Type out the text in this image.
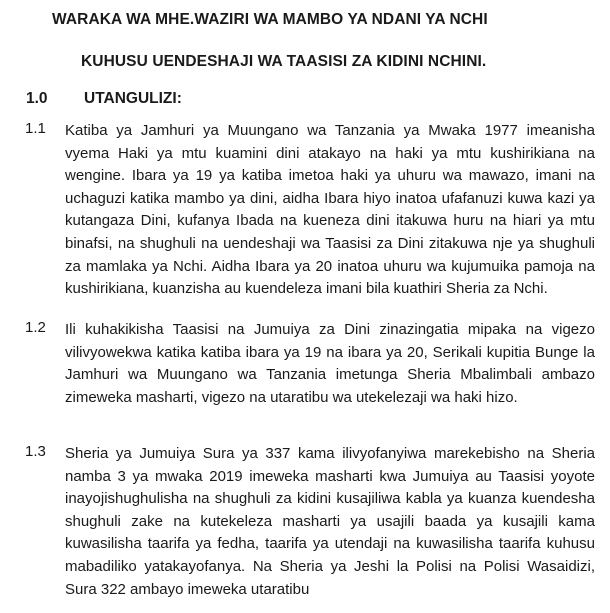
WARAKA WA MHE.WAZIRI WA MAMBO YA NDANI YA NCHI
KUHUSU UENDESHAJI WA TAASISI ZA KIDINI NCHINI.
1.0 UTANGULIZI:
1.1 Katiba ya Jamhuri ya Muungano wa Tanzania ya Mwaka 1977 imeanisha vyema Haki ya mtu kuamini dini atakayo na haki ya mtu kushirikiana na wengine. Ibara ya 19 ya katiba imetoa haki ya uhuru wa mawazo, imani na uchaguzi katika mambo ya dini, aidha Ibara hiyo inatoa ufafanuzi kuwa kazi ya kutangaza Dini, kufanya Ibada na kueneza dini itakuwa huru na hiari ya mtu binafsi, na shughuli na uendeshaji wa Taasisi za Dini zitakuwa nje ya shughuli za mamlaka ya Nchi. Aidha Ibara ya 20 inatoa uhuru wa kujumuika pamoja na kushirikiana, kuanzisha au kuendeleza imani bila kuathiri Sheria za Nchi.
1.2 Ili kuhakikisha Taasisi na Jumuiya za Dini zinazingatia mipaka na vigezo vilivyowekwa katika katiba ibara ya 19 na ibara ya 20, Serikali kupitia Bunge la Jamhuri wa Muungano wa Tanzania imetunga Sheria Mbalimbali ambazo zimeweka masharti, vigezo na utaratibu wa utekelezaji wa haki hizo.
1.3 Sheria ya Jumuiya Sura ya 337 kama ilivyofanyiwa marekebisho na Sheria namba 3 ya mwaka 2019 imeweka masharti kwa Jumuiya au Taasisi yoyote inayojishughulisha na shughuli za kidini kusajiliwa kabla ya kuanza kuendesha shughuli zake na kutekeleza masharti ya usajili baada ya kusajili kama kuwasilisha taarifa ya fedha, taarifa ya utendaji na kuwasilisha taarifa kuhusu mabadiliko yatakayofanya. Na Sheria ya Jeshi la Polisi na Polisi Wasaidizi, Sura 322 ambayo imeweka utaratibu
